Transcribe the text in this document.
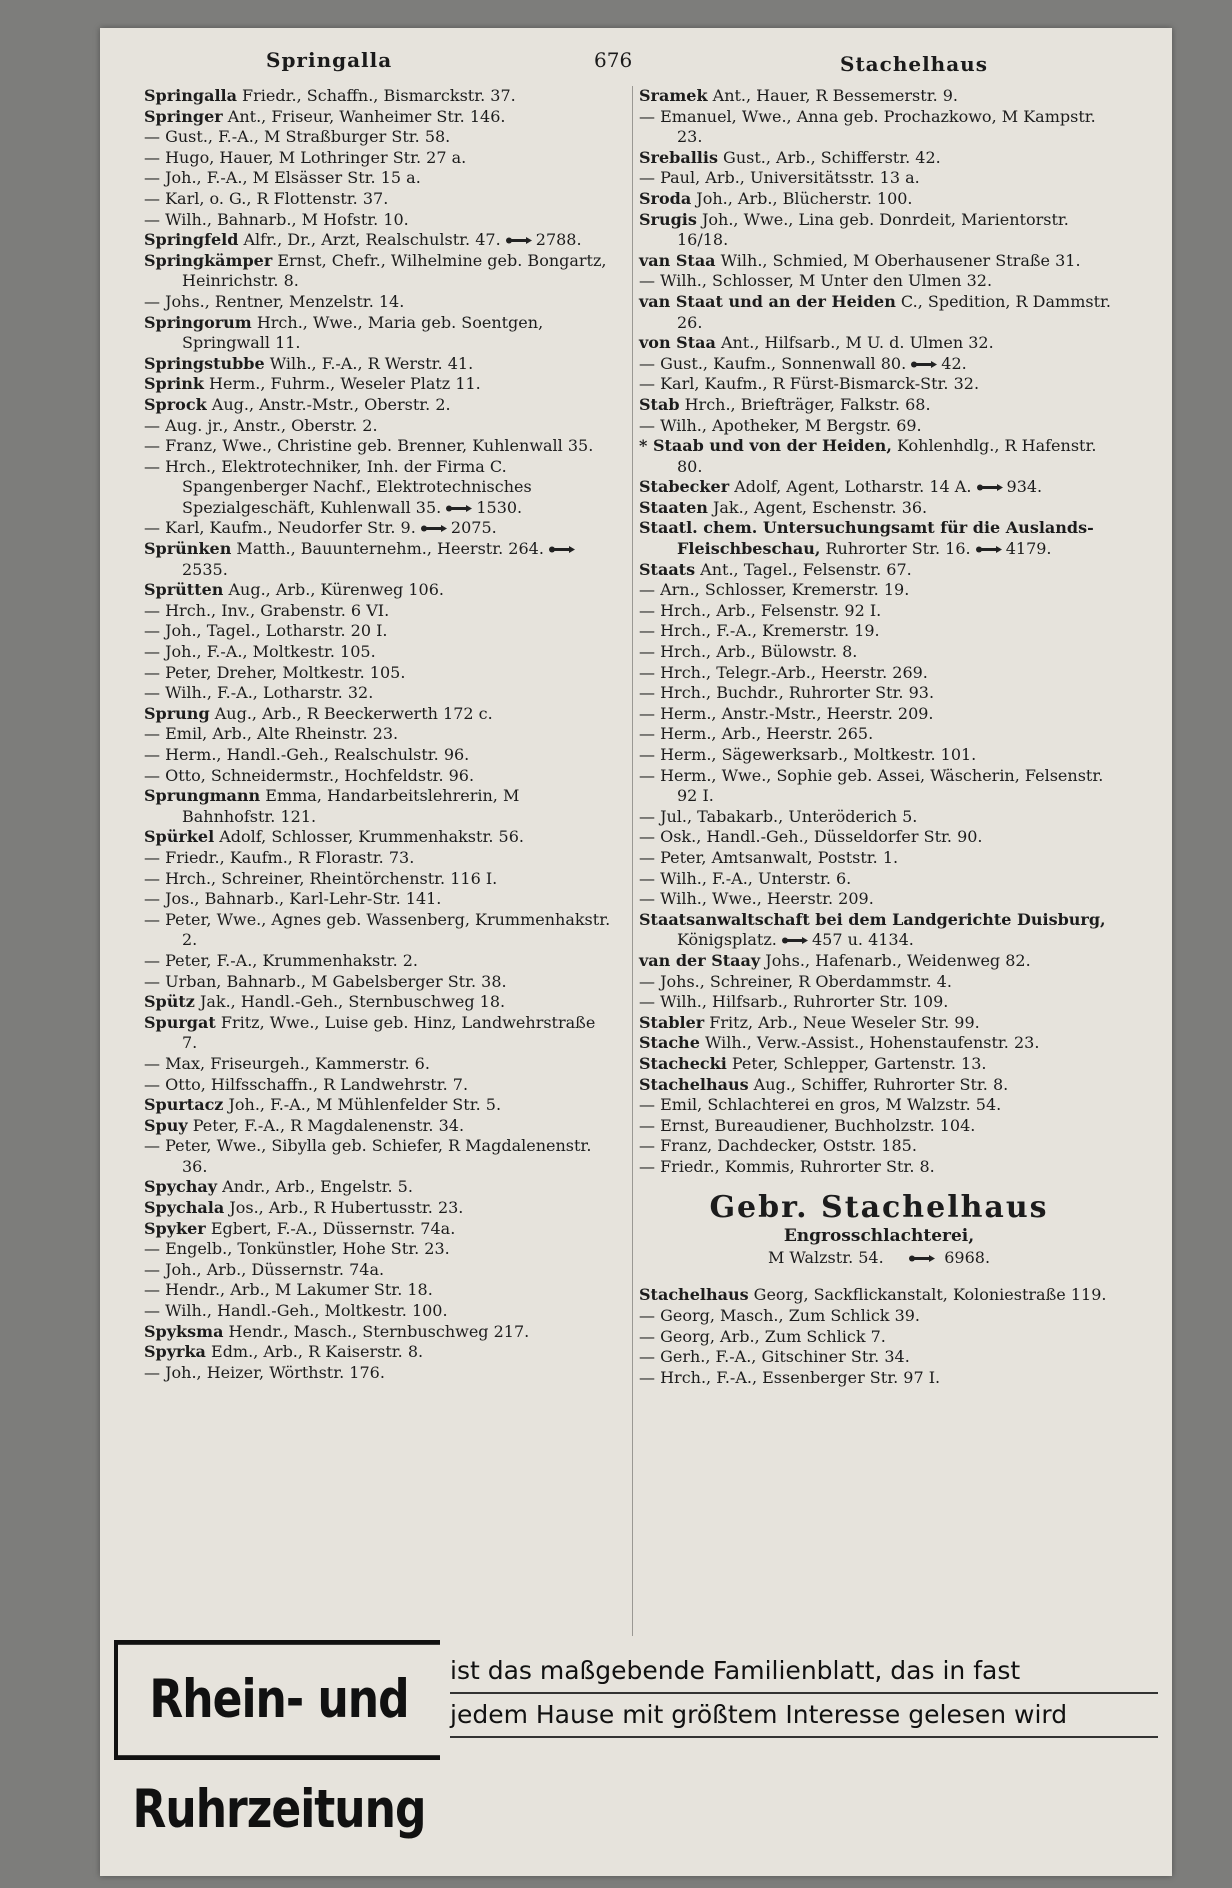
Springalla	676	Stachelhaus
Springalla Friedr., Schaffn., Bismarckstr. 37.
Springer Ant., Friseur, Wanheimer Str. 146.
— Gust., F.-A., M Straßburger Str. 58.
— Hugo, Hauer, M Lothringer Str. 27 a.
— Joh., F.-A., M Elsässer Str. 15 a.
— Karl, o. G., R Flottenstr. 37.
— Wilh., Bahnarb., M Hofstr. 10.
Springfeld Alfr., Dr., Arzt, Realschulstr. 47. 2788.
Springkämper Ernst, Chefr., Wilhelmine geb. Bongartz, Heinrichstr. 8.
— Johs., Rentner, Menzelstr. 14.
Springorum Hrch., Wwe., Maria geb. Soentgen, Springwall 11.
Springstubbe Wilh., F.-A., R Werstr. 41.
Sprink Herm., Fuhrm., Weseler Platz 11.
Sprock Aug., Anstr.-Mstr., Oberstr. 2.
— Aug. jr., Anstr., Oberstr. 2.
— Franz, Wwe., Christine geb. Brenner, Kuhlenwall 35.
— Hrch., Elektrotechniker, Inh. der Firma C. Spangenberger Nachf., Elektrotechnisches Spezialgeschäft, Kuhlenwall 35. 1530.
— Karl, Kaufm., Neudorfer Str. 9. 2075.
Sprünken Matth., Bauunternehm., Heerstr. 264.
2535.
Sprütten Aug., Arb., Kürenweg 106.
— Hrch., Inv., Grabenstr. 6 VI.
— Joh., Tagel., Lotharstr. 20 I.
— Joh., F.-A., Moltkestr. 105.
— Peter, Dreher, Moltkestr. 105.
— Wilh., F.-A., Lotharstr. 32.
Sprung Aug., Arb., R Beeckerwerth 172 c.
— Emil, Arb., Alte Rheinstr. 23.
— Herm., Handl.-Geh., Realschulstr. 96.
— Otto, Schneidermstr., Hochfeldstr. 96.
Sprungmann Emma, Handarbeitslehrerin, M Bahnhofstr. 121.
Spürkel Adolf, Schlosser, Krummenhakstr. 56.
— Friedr., Kaufm., R Florastr. 73.
— Hrch., Schreiner, Rheintörchenstr. 116 I.
— Jos., Bahnarb., Karl-Lehr-Str. 141.
— Peter, Wwe., Agnes geb. Wassenberg, Krummenhakstr. 2.
— Peter, F.-A., Krummenhakstr. 2.
— Urban, Bahnarb., M Gabelsberger Str. 38.
Spütz Jak., Handl.-Geh., Sternbuschweg 18.
Spurgat Fritz, Wwe., Luise geb. Hinz, Landwehrstraße 7.
— Max, Friseurgeh., Kammerstr. 6.
— Otto, Hilfsschaffn., R Landwehrstr. 7.
Spurtacz Joh., F.-A., M Mühlenfelder Str. 5.
Spuy Peter, F.-A., R Magdalenenstr. 34.
— Peter, Wwe., Sibylla geb. Schiefer, R Magdalenenstr. 36.
Spychay Andr., Arb., Engelstr. 5.
Spychala Jos., Arb., R Hubertusstr. 23.
Spyker Egbert, F.-A., Düssernstr. 74a.
— Engelb., Tonkünstler, Hohe Str. 23.
— Joh., Arb., Düssernstr. 74a.
— Hendr., Arb., M Lakumer Str. 18.
— Wilh., Handl.-Geh., Moltkestr. 100.
Spyksma Hendr., Masch., Sternbuschweg 217.
Spyrka Edm., Arb., R Kaiserstr. 8.
— Joh., Heizer, Wörthstr. 176.
Sramek Ant., Hauer, R Bessemerstr. 9.
— Emanuel, Wwe., Anna geb. Prochazkowo, M Kampstr. 23.
Sreballis Gust., Arb., Schifferstr. 42.
— Paul, Arb., Universitätsstr. 13 a.
Sroda Joh., Arb., Blücherstr. 100.
Srugis Joh., Wwe., Lina geb. Donrdeit, Marientorstr. 16/18.
van Staa Wilh., Schmied, M Oberhausener Straße 31.
— Wilh., Schlosser, M Unter den Ulmen 32.
van Staat und an der Heiden C., Spedition, R Dammstr. 26.
von Staa Ant., Hilfsarb., M U. d. Ulmen 32.
— Gust., Kaufm., Sonnenwall 80. 42.
— Karl, Kaufm., R Fürst-Bismarck-Str. 32.
Stab Hrch., Briefträger, Falkstr. 68.
— Wilh., Apotheker, M Bergstr. 69.
* Staab und von der Heiden, Kohlenhdlg., R Hafenstr. 80.
Stabecker Adolf, Agent, Lotharstr. 14 A. 934.
Staaten Jak., Agent, Eschenstr. 36.
Staatl. chem. Untersuchungsamt für die Auslands-Fleischbeschau, Ruhrorter Str. 16. 4179.
Staats Ant., Tagel., Felsenstr. 67.
— Arn., Schlosser, Kremerstr. 19.
— Hrch., Arb., Felsenstr. 92 I.
— Hrch., F.-A., Kremerstr. 19.
— Hrch., Arb., Bülowstr. 8.
— Hrch., Telegr.-Arb., Heerstr. 269.
— Hrch., Buchdr., Ruhrorter Str. 93.
— Herm., Anstr.-Mstr., Heerstr. 209.
— Herm., Arb., Heerstr. 265.
— Herm., Sägewerksarb., Moltkestr. 101.
— Herm., Wwe., Sophie geb. Assei, Wäscherin, Felsenstr. 92 I.
— Jul., Tabakarb., Unteröderich 5.
— Osk., Handl.-Geh., Düsseldorfer Str. 90.
— Peter, Amtsanwalt, Poststr. 1.
— Wilh., F.-A., Unterstr. 6.
— Wilh., Wwe., Heerstr. 209.
Staatsanwaltschaft bei dem Landgerichte Duisburg, Königsplatz. 457 u. 4134.
van der Staay Johs., Hafenarb., Weidenweg 82.
— Johs., Schreiner, R Oberdammstr. 4.
— Wilh., Hilfsarb., Ruhrorter Str. 109.
Stabler Fritz, Arb., Neue Weseler Str. 99.
Stache Wilh., Verw.-Assist., Hohenstaufenstr. 23.
Stachecki Peter, Schlepper, Gartenstr. 13.
Stachelhaus Aug., Schiffer, Ruhrorter Str. 8.
— Emil, Schlachterei en gros, M Walzstr. 54.
— Ernst, Bureaudiener, Buchholzstr. 104.
— Franz, Dachdecker, Oststr. 185.
— Friedr., Kommis, Ruhrorter Str. 8.
Gebr. Stachelhaus
Engrosschlachterei,
M Walzstr. 54.	6968.
Stachelhaus Georg, Sackflickanstalt, Koloniestraße 119.
— Georg, Masch., Zum Schlick 39.
— Georg, Arb., Zum Schlick 7.
— Gerh., F.-A., Gitschiner Str. 34.
— Hrch., F.-A., Essenberger Str. 97 I.
Rhein- und Ruhrzeitung
ist das maßgebende Familienblatt, das in fast
jedem Hause mit größtem Interesse gelesen wird
